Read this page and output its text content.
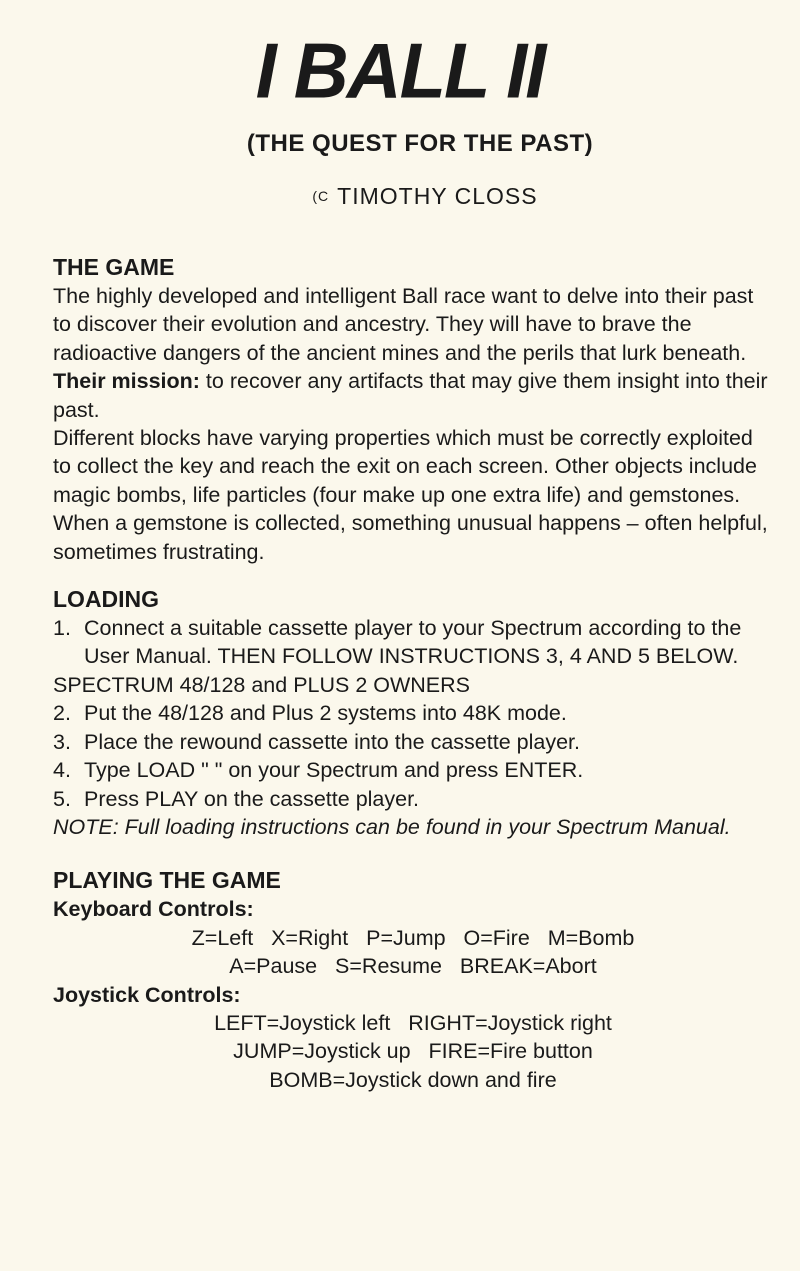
I BALL II
(THE QUEST FOR THE PAST)
(C TIMOTHY CLOSS
THE GAME

The highly developed and intelligent Ball race want to delve into their past to discover their evolution and ancestry. They will have to brave the radioactive dangers of the ancient mines and the perils that lurk beneath.

Their mission: to recover any artifacts that may give them insight into their past.

Different blocks have varying properties which must be correctly exploited to collect the key and reach the exit on each screen. Other objects include magic bombs, life particles (four make up one extra life) and gemstones. When a gemstone is collected, something unusual happens – often helpful, sometimes frustrating.

LOADING

1. Connect a suitable cassette player to your Spectrum according to the User Manual. THEN FOLLOW INSTRUCTIONS 3, 4 AND 5 BELOW.

SPECTRUM 48/128 and PLUS 2 OWNERS

2. Put the 48/128 and Plus 2 systems into 48K mode.

3. Place the rewound cassette into the cassette player.

4. Type LOAD " " on your Spectrum and press ENTER.

5. Press PLAY on the cassette player.

NOTE: Full loading instructions can be found in your Spectrum Manual.

PLAYING THE GAME
Keyboard Controls:

Z=Left   X=Right   P=Jump   O=Fire   M=Bomb

A=Pause   S=Resume   BREAK=Abort

Joystick Controls:

LEFT=Joystick left   RIGHT=Joystick right

JUMP=Joystick up   FIRE=Fire button

BOMB=Joystick down and fire
